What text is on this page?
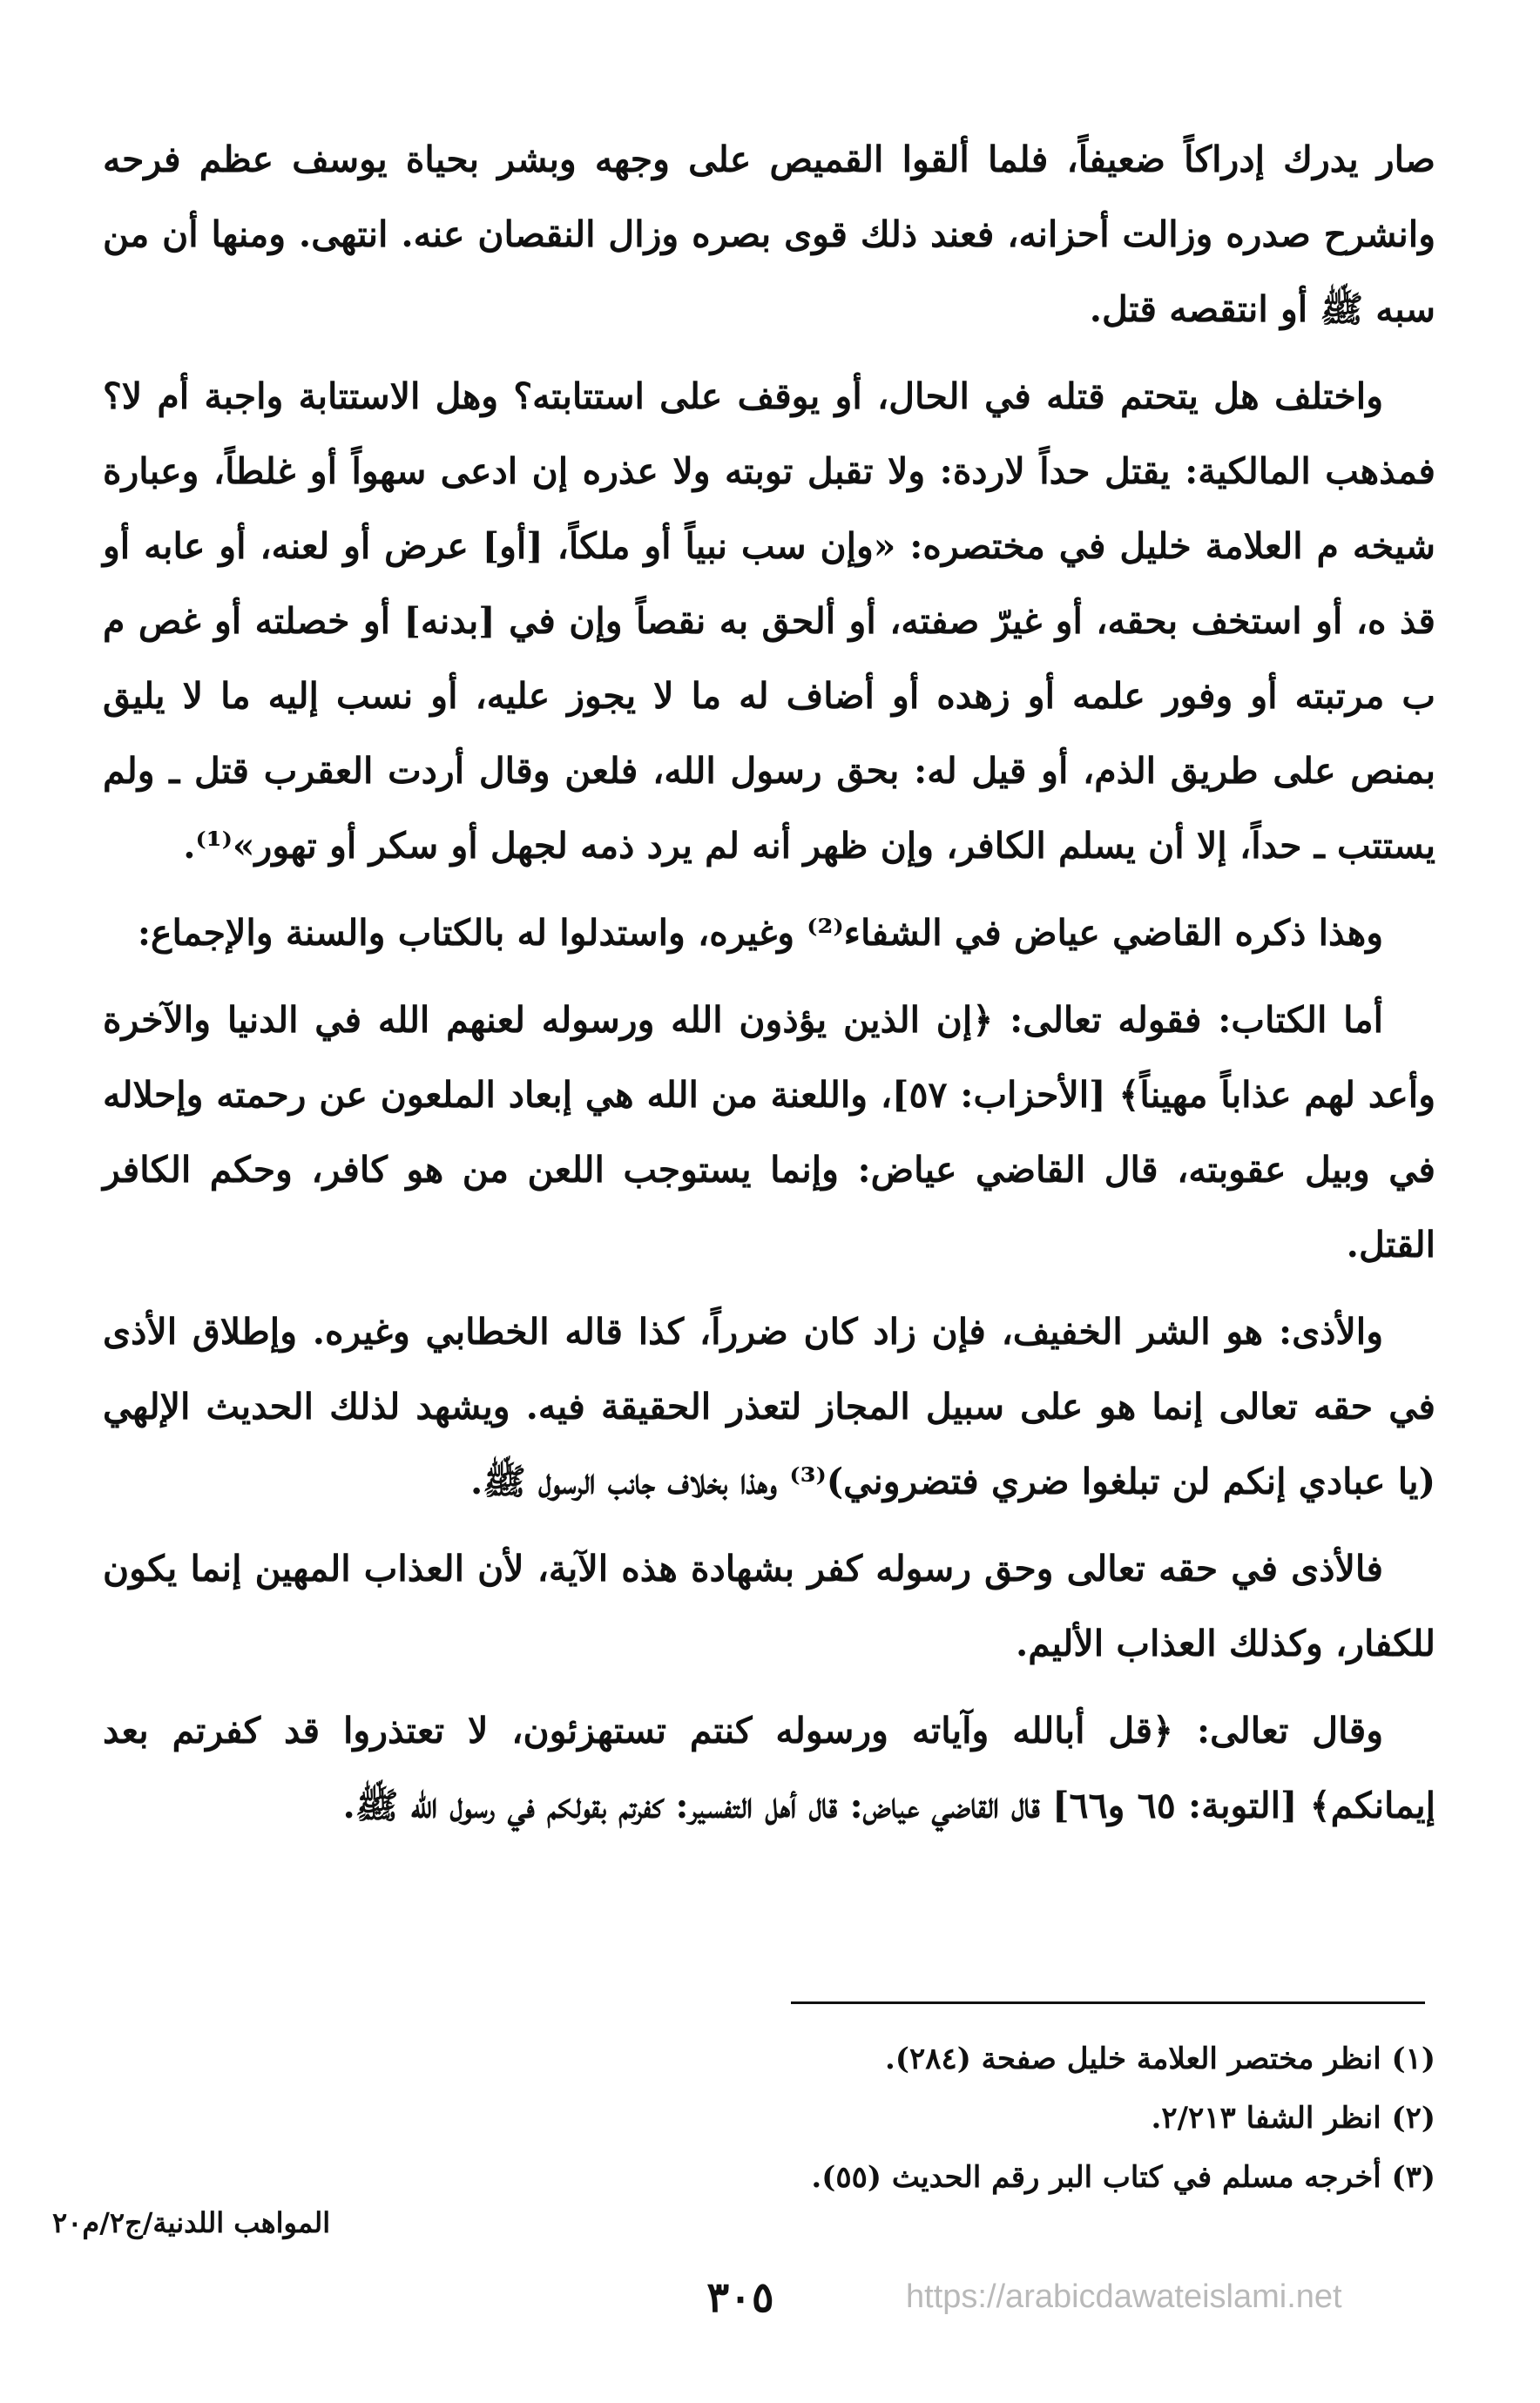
صار يدرك إدراكاً ضعيفاً، فلما ألقوا القميص على وجهه وبشر بحياة يوسف عظم فرحه وانشرح صدره وزالت أحزانه، فعند ذلك قوى بصره وزال النقصان عنه. انتهى. ومنها أن من سبه ﷺ أو انتقصه قتل.

واختلف هل يتحتم قتله في الحال، أو يوقف على استتابته؟ وهل الاستتابة واجبة أم لا؟ فمذهب المالكية: يقتل حداً لاردة: ولا تقبل توبته ولا عذره إن ادعى سهواً أو غلطاً، وعبارة شيخه م العلامة خليل في مختصره: «وإن سب نبياً أو ملكاً، [أو] عرض أو لعنه، أو عابه أو قذ ه، أو استخف بحقه، أو غيرّ صفته، أو ألحق به نقصاً وإن في [بدنه] أو خصلته أو غص م ب مرتبته أو وفور علمه أو زهده أو أضاف له ما لا يجوز عليه، أو نسب إليه ما لا يليق بمنص على طريق الذم، أو قيل له: بحق رسول الله، فلعن وقال أردت العقرب قتل ـ ولم يستتب ـ حداً، إلا أن يسلم الكافر، وإن ظهر أنه لم يرد ذمه لجهل أو سكر أو تهور»⁽¹⁾.

وهذا ذكره القاضي عياض في الشفاء⁽²⁾ وغيره، واستدلوا له بالكتاب والسنة والإجماع:

أما الكتاب: فقوله تعالى: ﴿إن الذين يؤذون الله ورسوله لعنهم الله في الدنيا والآخرة وأعد لهم عذاباً مهيناً﴾ [الأحزاب: ٥٧]، واللعنة من الله هي إبعاد الملعون عن رحمته وإحلاله في وبيل عقوبته، قال القاضي عياض: وإنما يستوجب اللعن من هو كافر، وحكم الكافر القتل.

والأذى: هو الشر الخفيف، فإن زاد كان ضرراً، كذا قاله الخطابي وغيره. وإطلاق الأذى في حقه تعالى إنما هو على سبيل المجاز لتعذر الحقيقة فيه. ويشهد لذلك الحديث الإلهي (يا عبادي إنكم لن تبلغوا ضري فتضروني)⁽³⁾ وهذا بخلاف جانب الرسول ﷺ.

فالأذى في حقه تعالى وحق رسوله كفر بشهادة هذه الآية، لأن العذاب المهين إنما يكون للكفار، وكذلك العذاب الأليم.

وقال تعالى: ﴿قل أبالله وآياته ورسوله كنتم تستهزئون، لا تعتذروا قد كفرتم بعد إيمانكم﴾ [التوبة: ٦٥ و٦٦] قال القاضي عياض: قال أهل التفسير: كفرتم بقولكم في رسول الله ﷺ.

(١) انظر مختصر العلامة خليل صفحة (٢٨٤).
(٢) انظر الشفا ٢/٢١٣.
(٣) أخرجه مسلم في كتاب البر رقم الحديث (٥٥).
المواهب اللدنية/ج٢/م٢٠
٣٠٥	https://arabicdawateislami.net
